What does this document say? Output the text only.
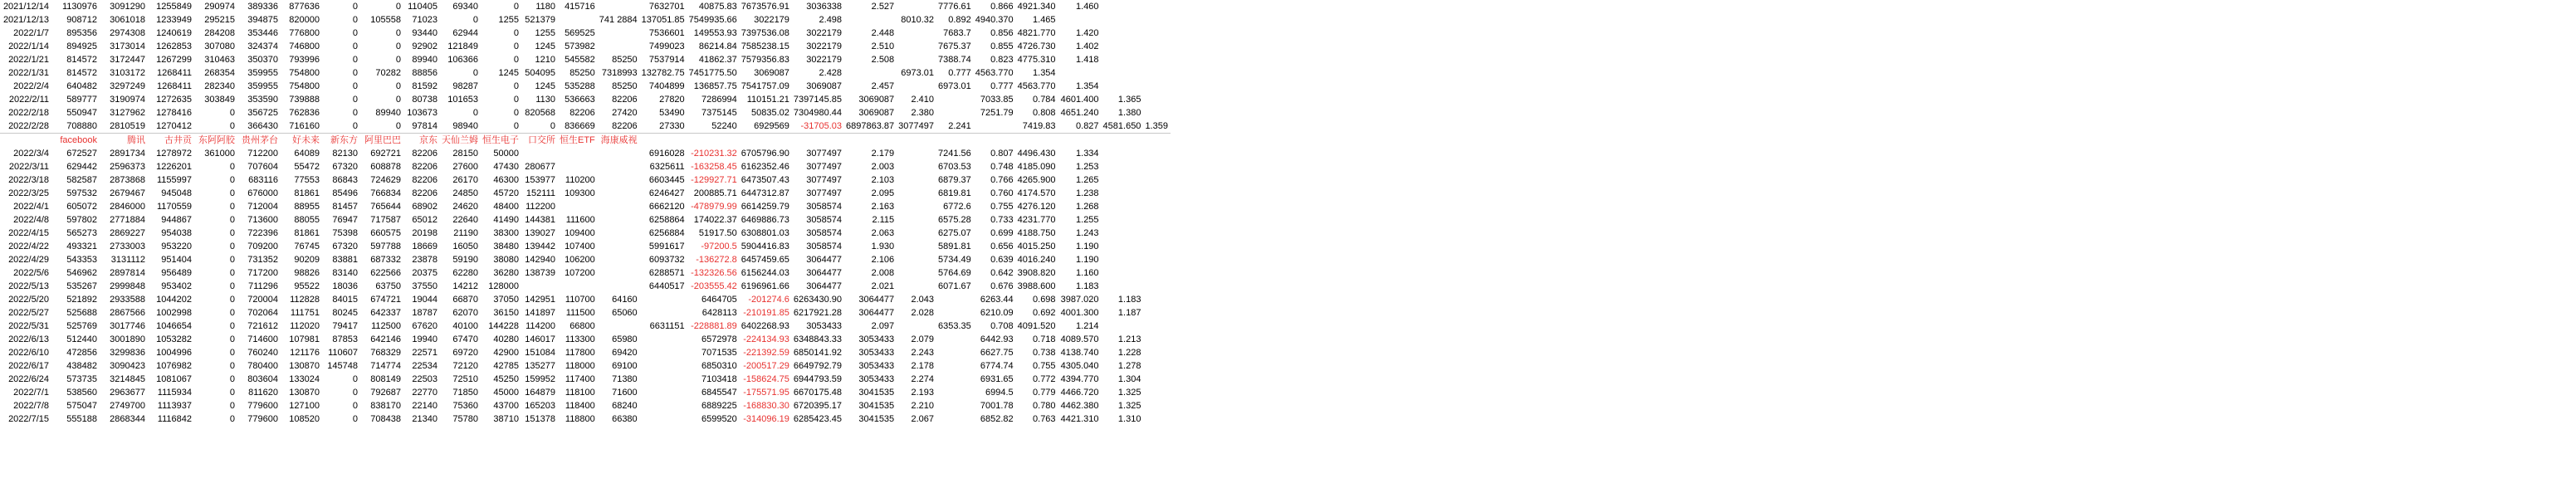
2021/12/14	1130976	3091290	1255849	290974	389336	877636	0	0	110405	69340	0	1180	415716		7632701	40875.83	7673576.91	3036338	2.527		7776.61	0.866	4921.340	1.460		
2021/12/13	908712	3061018	1233949	295215	394875	820000	0	105558	71023	0	1255	521379		741 2884	137051.85	7549935.66	3022179	2.498		8010.32	0.892	4940.370	1.465			
2022/1/7	895356	2974308	1240619	284208	353446	776800	0	0	93440	62944	0	1255	569525		7536601	149553.93	7397536.08	3022179	2.448		7683.7	0.856	4821.770	1.420		
2022/1/14	894925	3173014	1262853	307080	324374	746800	0	0	92902	121849	0	1245	573982		7499023	86214.84	7585238.15	3022179	2.510		7675.37	0.855	4726.730	1.402		
2022/1/21	814572	3172447	1267299	310463	350370	793996	0	0	89940	106366	0	1210	545582	85250	7537914	41862.37	7579356.83	3022179	2.508		7388.74	0.823	4775.310	1.418		
2022/1/31	814572	3103172	1268411	268354	359955	754800	0	70282	88856	0	1245	504095	85250	7318993	132782.75	7451775.50	3069087	2.428		6973.01	0.777	4563.770	1.354			
2022/2/4	640482	3297249	1268411	282340	359955	754800	0	0	81592	98287	0	1245	535288	85250	7404899	136857.75	7541757.09	3069087	2.457		6973.01	0.777	4563.770	1.354		
2022/2/11	589777	3190974	1272635	303849	353590	739888	0	0	80738	101653	0	1130	536663	82206	27820	7286994	110151.21	7397145.85	3069087	2.410		7033.85	0.784	4601.400	1.365	
2022/2/18	550947	3127962	1278416	0	356725	762836	0	89940	103673	0	0	820568	82206	27420	53490	7375145	50835.02	7304980.44	3069087	2.380		7251.79	0.808	4651.240	1.380	
2022/2/28	708880	2810519	1270412	0	366430	716160	0	0	97814	98940	0	0	836669	82206	27330	52240	6929569	-31705.03	6897863.87	3077497	2.241		7419.83	0.827	4581.650	1.359
	facebook	腾讯	古井贡	东阿阿胶	贵州茅台	好未来	新东方	阿里巴巴	京东	天仙兰姆	恒生电子	口交所	恒生ETF	海康威视												
2022/3/4	672527	2891734	1278972	361000	712200	64089	82130	692721	82206	28150	50000				6916028	-210231.32	6705796.90	3077497	2.179		7241.56	0.807	4496.430	1.334		
2022/3/11	629442	2596373	1226201	0	707604	55472	67320	608878	82206	27600	47430	280677			6325611	-163258.45	6162352.46	3077497	2.003		6703.53	0.748	4185.090	1.253		
2022/3/18	582587	2873868	1155997	0	683116	77553	86843	724629	82206	26170	46300	153977	110200		6603445	-129927.71	6473507.43	3077497	2.103		6879.37	0.766	4265.900	1.265		
2022/3/25	597532	2679467	945048	0	676000	81861	85496	766834	82206	24850	45720	152111	109300		6246427	200885.71	6447312.87	3077497	2.095		6819.81	0.760	4174.570	1.238		
2022/4/1	605072	2846000	1170559	0	712004	88955	81457	765644	68902	24620	48400	112200			6662120	-478979.99	6614259.79	3058574	2.163		6772.6	0.755	4276.120	1.268		
2022/4/8	597802	2771884	944867	0	713600	88055	76947	717587	65012	22640	41490	144381	111600		6258864	174022.37	6469886.73	3058574	2.115		6575.28	0.733	4231.770	1.255		
2022/4/15	565273	2869227	954038	0	722396	81861	75398	660575	20198	21190	38300	139027	109400		6256884	51917.50	6308801.03	3058574	2.063		6275.07	0.699	4188.750	1.243		
2022/4/22	493321	2733003	953220	0	709200	76745	67320	597788	18669	16050	38480	139442	107400		5991617	-97200.5	5904416.83	3058574	1.930		5891.81	0.656	4015.250	1.190		
2022/4/29	543353	3131112	951404	0	731352	90209	83881	687332	23878	59190	38080	142940	106200		6093732	-136272.8	6457459.65	3064477	2.106		5734.49	0.639	4016.240	1.190		
2022/5/6	546962	2897814	956489	0	717200	98826	83140	622566	20375	62280	36280	138739	107200		6288571	-132326.56	6156244.03	3064477	2.008		5764.69	0.642	3908.820	1.160		
2022/5/13	535267	2999848	953402	0	711296	95522	18036	63750	37550	14212	128000				6440517	-203555.42	6196961.66	3064477	2.021		6071.67	0.676	3988.600	1.183		
2022/5/20	521892	2933588	1044202	0	720004	112828	84015	674721	19044	66870	37050	142951	110700	64160		6464705	-201274.6	6263430.90	3064477	2.043		6263.44	0.698	3987.020	1.183	
2022/5/27	525688	2867566	1002998	0	702064	111751	80245	642337	18787	62070	36150	141897	111500	65060		6428113	-210191.85	6217921.28	3064477	2.028		6210.09	0.692	4001.300	1.187	
2022/5/31	525769	3017746	1046654	0	721612	112020	79417	112500	67620	40100	144228	114200	66800		6631151	-228881.89	6402268.93	3053433	2.097		6353.35	0.708	4091.520	1.214		
2022/6/13	512440	3001890	1053282	0	714600	107981	87853	642146	19940	67470	40280	146017	113300	65980		6572978	-224134.93	6348843.33	3053433	2.079		6442.93	0.718	4089.570	1.213	
2022/6/10	472856	3299836	1004996	0	760240	121176	110607	768329	22571	69720	42900	151084	117800	69420		7071535	-221392.59	6850141.92	3053433	2.243		6627.75	0.738	4138.740	1.228	
2022/6/17	438482	3090423	1076982	0	780400	130870	145748	714774	22534	72120	42785	135277	118000	69100		6850310	-200517.29	6649792.79	3053433	2.178		6774.74	0.755	4305.040	1.278	
2022/6/24	573735	3214845	1081067	0	803604	133024	0	808149	22503	72510	45250	159952	117400	71380		7103418	-158624.75	6944793.59	3053433	2.274		6931.65	0.772	4394.770	1.304	
2022/7/1	538560	2963677	1115934	0	811620	130870	0	792687	22770	71850	45000	164879	118100	71600		6845547	-175571.95	6670175.48	3041535	2.193		6994.5	0.779	4466.720	1.325	
2022/7/8	575047	2749700	1113937	0	779600	127100	0	838170	22140	75360	43700	165203	118400	68240		6889225	-168830.30	6720395.17	3041535	2.210		7001.78	0.780	4462.380	1.325	
2022/7/15	555188	2868344	1116842	0	779600	108520	0	708438	21340	75780	38710	151378	118800	66380		6599520	-314096.19	6285423.45	3041535	2.067		6852.82	0.763	4421.310	1.310	
